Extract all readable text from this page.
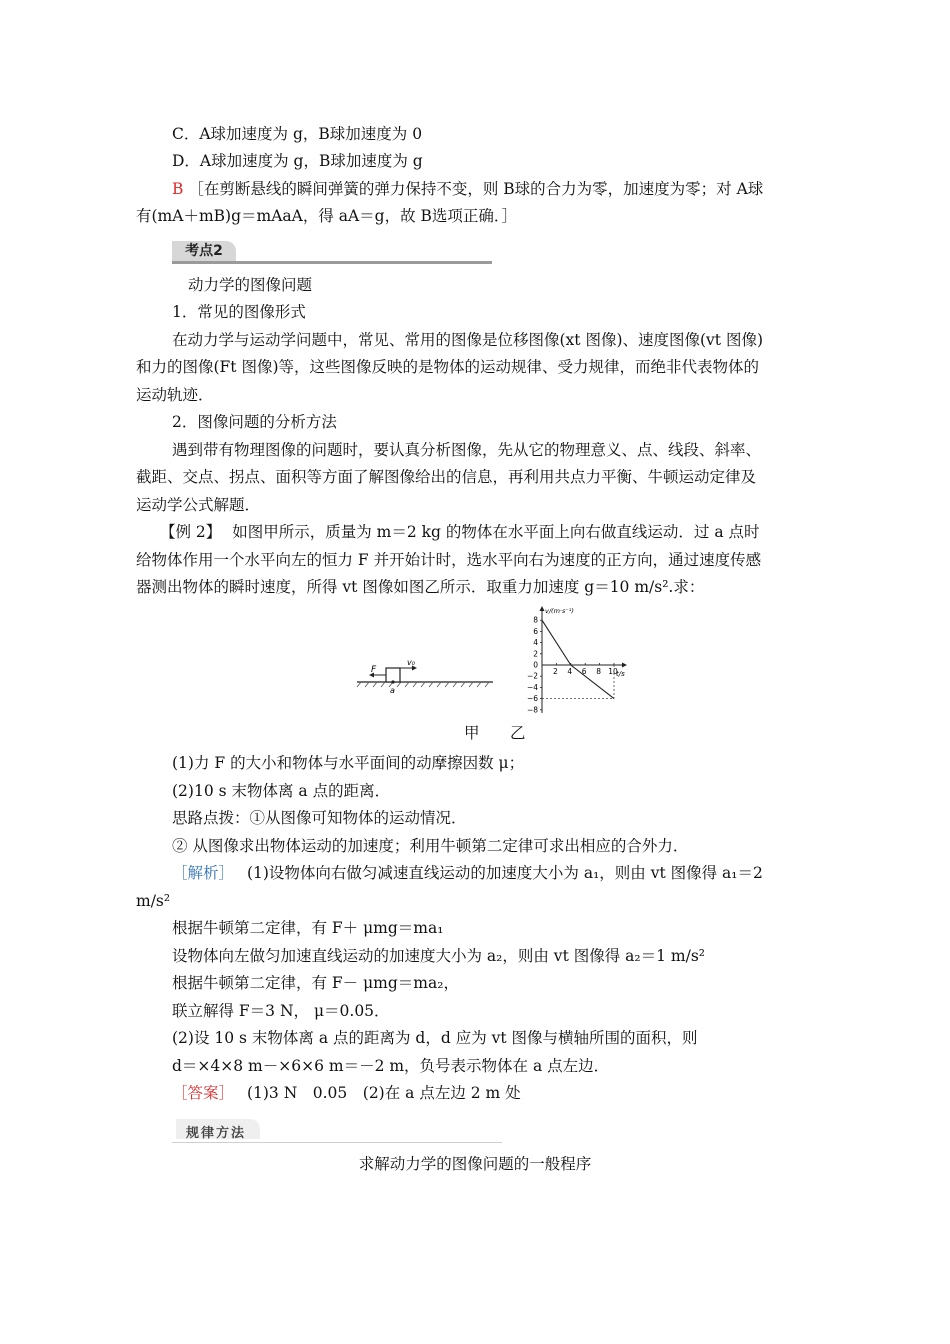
C．A球加速度为 g，B球加速度为 0
D．A球加速度为 g，B球加速度为 g
B ［在剪断悬线的瞬间弹簧的弹力保持不变，则 B球的合力为零，加速度为零；对 A球
有(mA＋mB)g＝mAaA，得 aA＝g，故 B选项正确．］
考点2
动力学的图像问题
1．常见的图像形式
在动力学与运动学问题中，常见、常用的图像是位移图像(xt 图像)、速度图像(vt 图像)
和力的图像(Ft 图像)等，这些图像反映的是物体的运动规律、受力规律，而绝非代表物体的
运动轨迹．
2．图像问题的分析方法
遇到带有物理图像的问题时，要认真分析图像，先从它的物理意义、点、线段、斜率、
截距、交点、拐点、面积等方面了解图像给出的信息，再利用共点力平衡、牛顿运动定律及
运动学公式解题．
【例 2】 如图甲所示，质量为 m＝2 kg 的物体在水平面上向右做直线运动．过 a 点时
给物体作用一个水平向左的恒力 F 并开始计时，选水平向右为速度的正方向，通过速度传感
器测出物体的瞬时速度，所得 vt 图像如图乙所示．取重力加速度 g＝10 m/s².求：
F
v₀
a
v/(m·s⁻¹)
t/s
8
6
4
2
0
−2
−4
−6
−8
2 4 6 8 10
甲 乙
(1)力 F 的大小和物体与水平面间的动摩擦因数 μ；
(2)10 s 末物体离 a 点的距离．
思路点拨：①从图像可知物体的运动情况．
② 从图像求出物体运动的加速度；利用牛顿第二定律可求出相应的合外力．
［解析］ (1)设物体向右做匀减速直线运动的加速度大小为 a₁，则由 vt 图像得 a₁＝2
m/s²
根据牛顿第二定律，有 F＋ μmg＝ma₁
设物体向左做匀加速直线运动的加速度大小为 a₂，则由 vt 图像得 a₂＝1 m/s²
根据牛顿第二定律，有 F－ μmg＝ma₂，
联立解得 F＝3 N， μ＝0.05．
(2)设 10 s 末物体离 a 点的距离为 d，d 应为 vt 图像与横轴所围的面积，则
d＝×4×8 m－×6×6 m＝－2 m，负号表示物体在 a 点左边．
［答案］ (1)3 N　0.05　(2)在 a 点左边 2 m 处
规律方法
求解动力学的图像问题的一般程序
